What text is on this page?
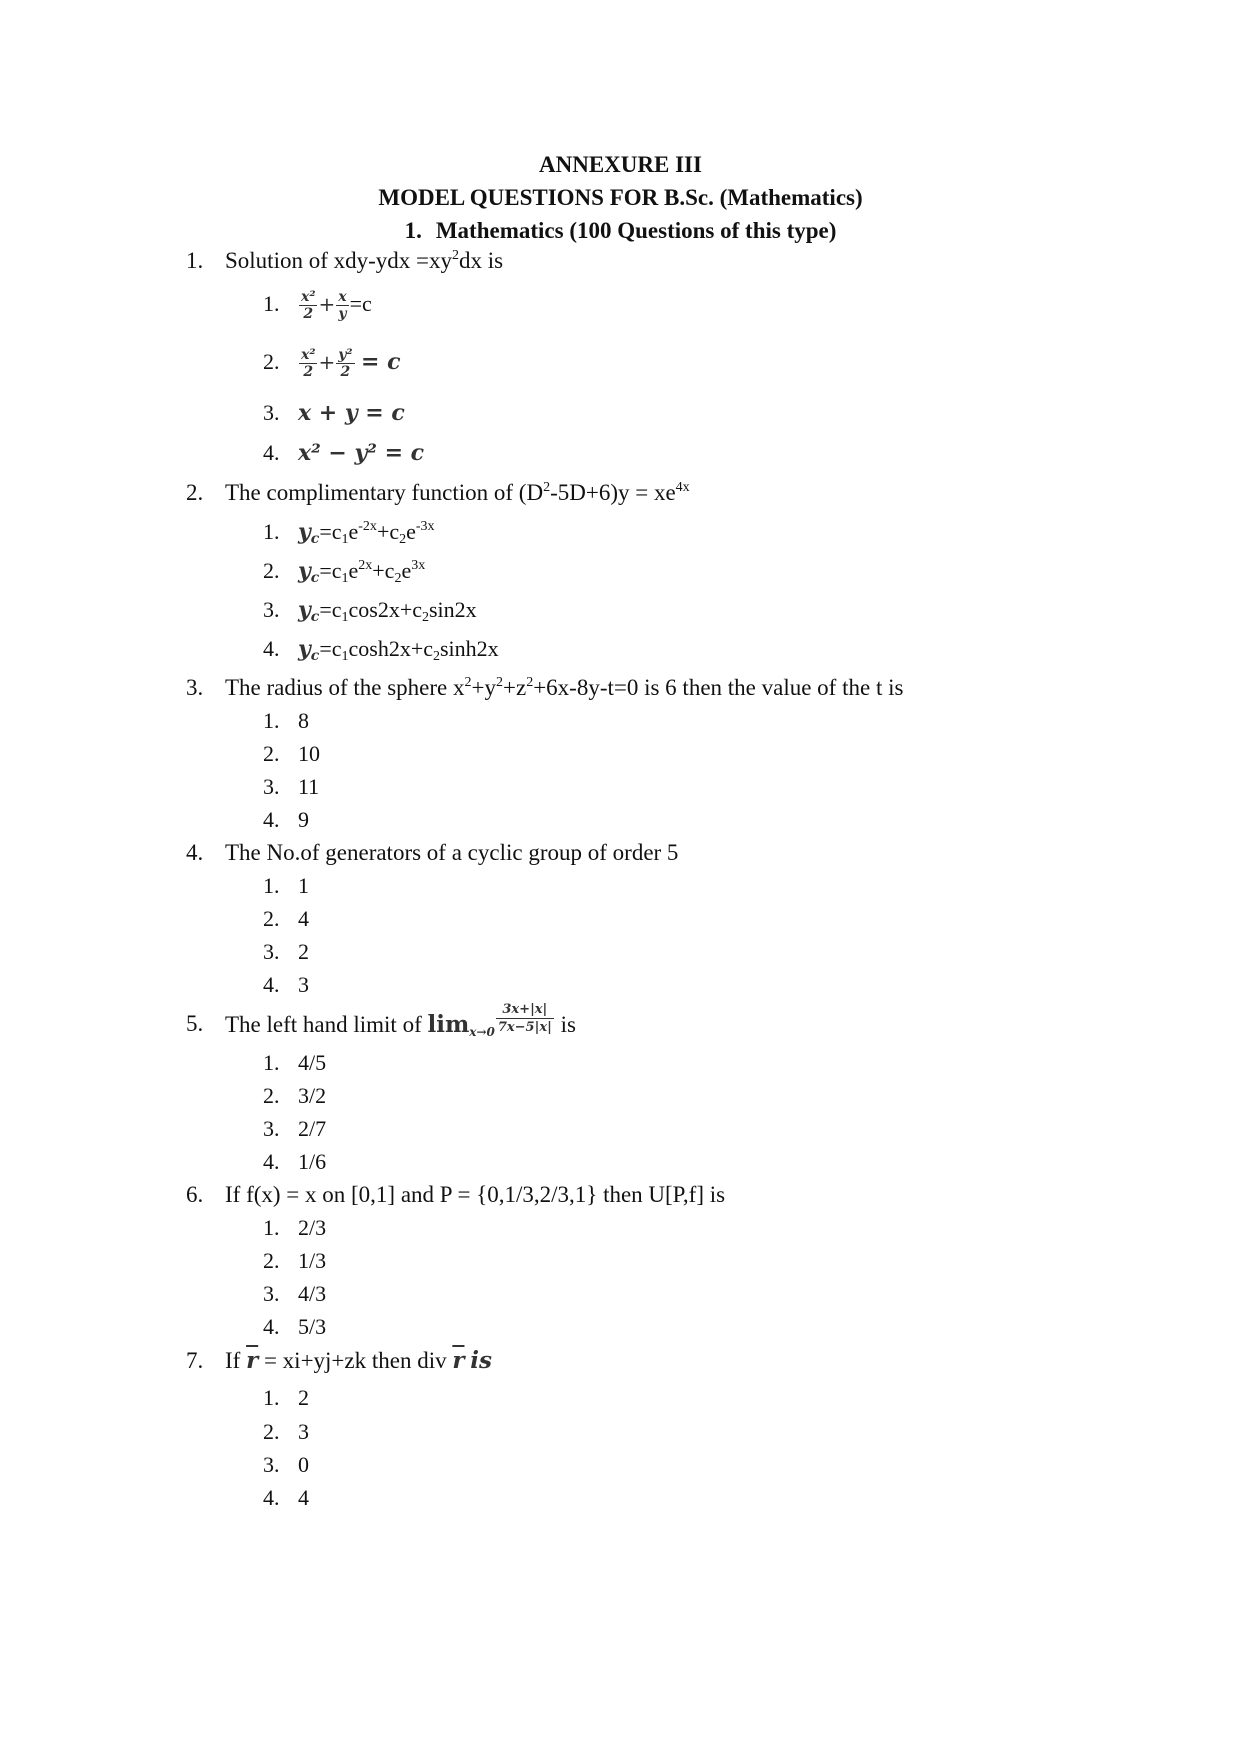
ANNEXURE III
MODEL QUESTIONS FOR B.Sc. (Mathematics)
1. Mathematics (100 Questions of this type)
1. Solution of $xdy-ydx =xy^2dx$ is
1. $\frac{\text{x²}}{2} + \frac{x}{y} =c$
2. $\frac{\text{x²}}{2} + \frac{\text{y²}}{2} = c$
3. x + y = c
4. x² − y² = c
2. The complimentary function of $(D^2-5D+6)y = xe^{4x}$
1. $y_c=c_1e^{-2x}+c_2e^{-3x}$
2. $y_c=c_1e^{2x}+c_2e^{3x}$
3. $y_c=c_1\cos 2x+c_2\sin 2x$
4. $y_c=c_1\cosh 2x+c_2\sinh 2x$
3. The radius of the sphere $x^2+y^2+z^2+6x-8y-t=0$ is 6 then the value of the t is
1. 8
2. 10
3. 11
4. 9
4. The No.of generators of a cyclic group of order 5
1. 1
2. 4
3. 2
4. 3
5. The left hand limit of $\lim_{x\to 0} \frac{3x+|x|}{7x-5|x|}$ is
1. 4/5
2. 3/2
3. 2/7
4. 1/6
6. If f(x) = x on [0,1] and P = {0,1/3,2/3,1} then U[P,f] is
1. 2/3
2. 1/3
3. 4/3
4. 5/3
7. If $\overline{r} = xi+yj+zk$ then div $\overline{r}$ is
1. 2
2. 3
3. 0
4. 4
